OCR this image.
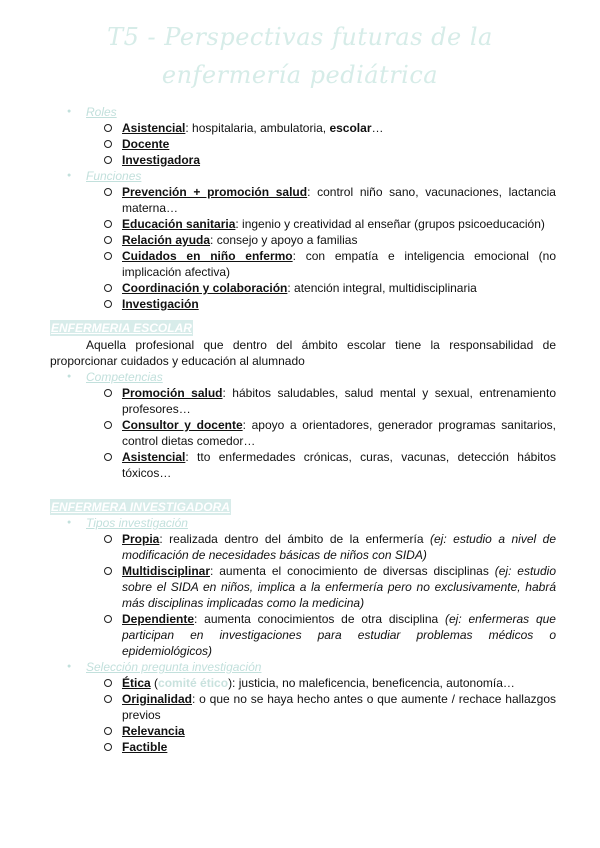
T5 - Perspectivas futuras de la enfermería pediátrica
● Roles
Asistencial: hospitalaria, ambulatoria, escolar…
Docente
Investigadora
● Funciones
Prevención + promoción salud: control niño sano, vacunaciones, lactancia materna…
Educación sanitaria: ingenio y creatividad al enseñar (grupos psicoeducación)
Relación ayuda: consejo y apoyo a familias
Cuidados en niño enfermo: con empatía e inteligencia emocional (no implicación afectiva)
Coordinación y colaboración: atención integral, multidisciplinaria
Investigación
ENFERMERIA ESCOLAR
Aquella profesional que dentro del ámbito escolar tiene la responsabilidad de proporcionar cuidados y educación al alumnado
● Competencias
Promoción salud: hábitos saludables, salud mental y sexual, entrenamiento profesores…
Consultor y docente: apoyo a orientadores, generador programas sanitarios, control dietas comedor…
Asistencial: tto enfermedades crónicas, curas, vacunas, detección hábitos tóxicos…
ENFERMERA INVESTIGADORA
● Tipos investigación
Propia: realizada dentro del ámbito de la enfermería (ej: estudio a nivel de modificación de necesidades básicas de niños con SIDA)
Multidisciplinar: aumenta el conocimiento de diversas disciplinas (ej: estudio sobre el SIDA en niños, implica a la enfermería pero no exclusivamente, habrá más disciplinas implicadas como la medicina)
Dependiente: aumenta conocimientos de otra disciplina (ej: enfermeras que participan en investigaciones para estudiar problemas médicos o epidemiológicos)
● Selección pregunta investigación
Ética (comité ético): justicia, no maleficencia, beneficencia, autonomía…
Originalidad: o que no se haya hecho antes o que aumente / rechace hallazgos previos
Relevancia
Factible
